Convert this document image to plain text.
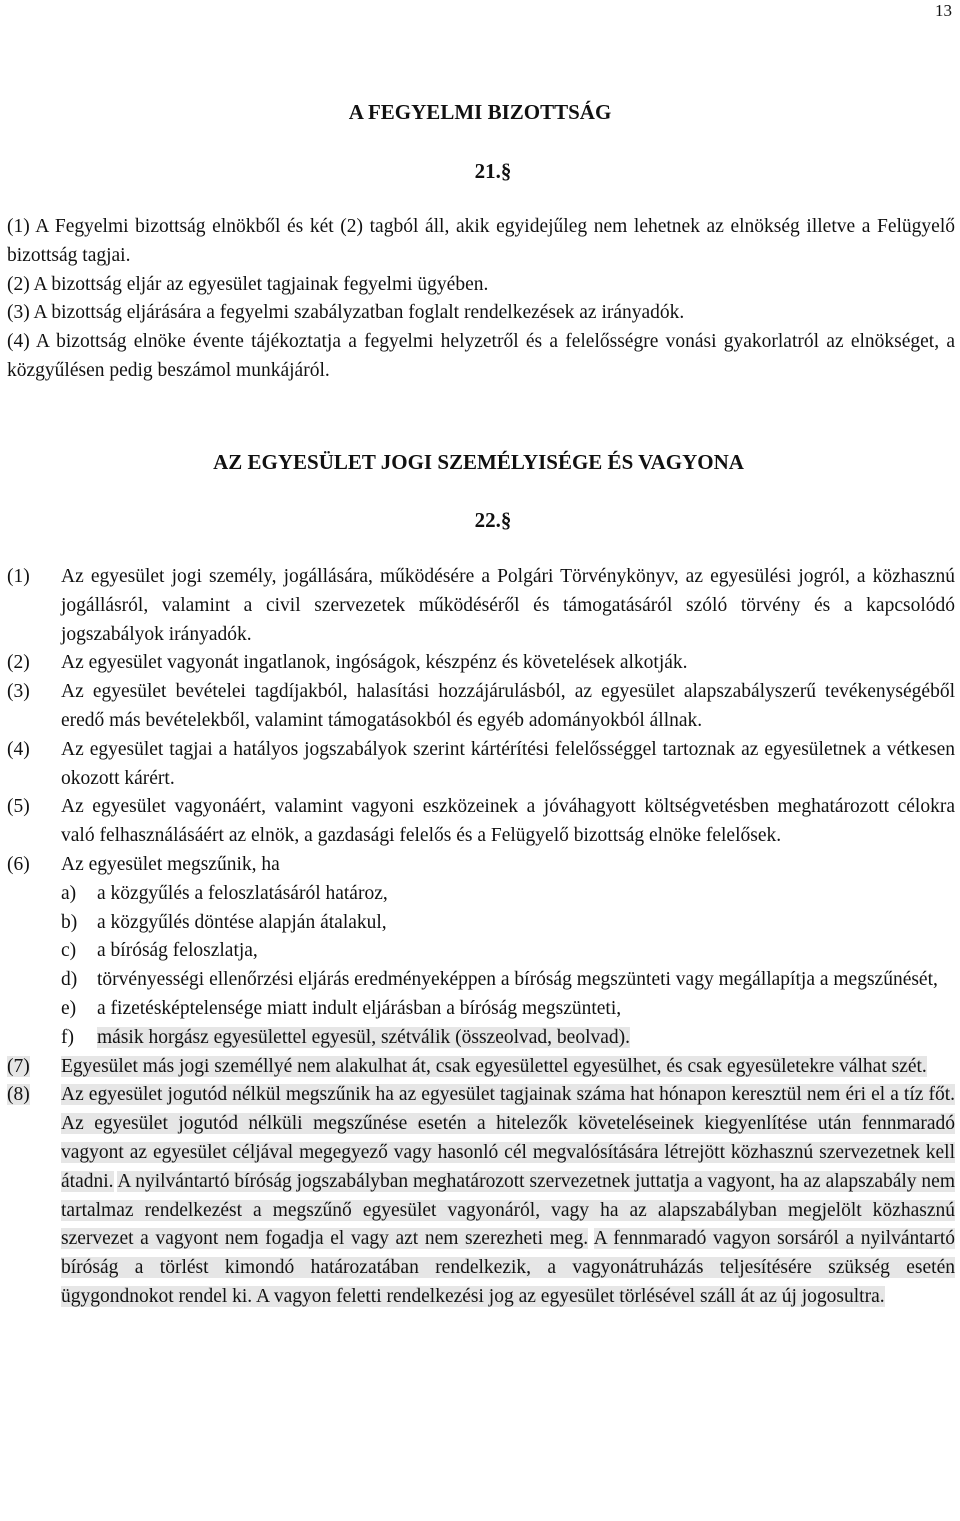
13
A FEGYELMI BIZOTTSÁG
21.§

(1) A Fegyelmi bizottság elnökből és két (2) tagból áll, akik egyidejűleg nem lehetnek az elnökség illetve a Felügyelő bizottság tagjai.

(2) A bizottság eljár az egyesület tagjainak fegyelmi ügyében.

(3) A bizottság eljárására a fegyelmi szabályzatban foglalt rendelkezések az irányadók.

(4) A bizottság elnöke évente tájékoztatja a fegyelmi helyzetről és a felelősségre vonási gyakorlatról az elnökséget, a közgyűlésen pedig beszámol munkájáról.

AZ EGYESÜLET JOGI SZEMÉLYISÉGE ÉS VAGYONA
22.§
(1)	Az egyesület jogi személy, jogállására, működésére a Polgári Törvénykönyv, az egyesülési jogról, a közhasznú jogállásról, valamint a civil szervezetek működéséről és támogatásáról szóló törvény és a kapcsolódó jogszabályok irányadók.
(2)	Az egyesület vagyonát ingatlanok, ingóságok, készpénz és követelések alkotják.
(3)	Az egyesület bevételei tagdíjakból, halasítási hozzájárulásból, az egyesület alapszabályszerű tevékenységéből eredő más bevételekből, valamint támogatásokból és egyéb adományokból állnak.
(4)	Az egyesület tagjai a hatályos jogszabályok szerint kártérítési felelősséggel tartoznak az egyesületnek a vétkesen okozott kárért.
(5)	Az egyesület vagyonáért, valamint vagyoni eszközeinek a jóváhagyott költségvetésben meghatározott célokra való felhasználásáért az elnök, a gazdasági felelős és a Felügyelő bizottság elnöke felelősek.
(6)	Az egyesület megszűnik, ha
a)	a közgyűlés a feloszlatásáról határoz,
b)	a közgyűlés döntése alapján átalakul,
c)	a bíróság feloszlatja,
d)	törvényességi ellenőrzési eljárás eredményeképpen a bíróság megszünteti vagy megállapítja a megszűnését,
e)	a fizetésképtelensége miatt indult eljárásban a bíróság megszünteti,
f)	másik horgász egyesülettel egyesül, szétválik (összeolvad, beolvad).
(7)	Egyesület más jogi személlyé nem alakulhat át, csak egyesülettel egyesülhet, és csak egyesületekre válhat szét.
(8)	Az egyesület jogutód nélkül megszűnik ha az egyesület tagjainak száma hat hónapon keresztül nem éri el a tíz főt. Az egyesület jogutód nélküli megszűnése esetén a hitelezők követeléseinek kiegyenlítése után fennmaradó vagyont az egyesület céljával megegyező vagy hasonló cél megvalósítására létrejött közhasznú szervezetnek kell átadni. A nyilvántartó bíróság jogszabályban meghatározott szervezetnek juttatja a vagyont, ha az alapszabály nem tartalmaz rendelkezést a megszűnő egyesület vagyonáról, vagy ha az alapszabályban megjelölt közhasznú szervezet a vagyont nem fogadja el vagy azt nem szerezheti meg. A fennmaradó vagyon sorsáról a nyilvántartó bíróság a törlést kimondó határozatában rendelkezik, a vagyonátruházás teljesítésére szükség esetén ügygondnokot rendel ki. A vagyon feletti rendelkezési jog az egyesület törlésével száll át az új jogosultra.
